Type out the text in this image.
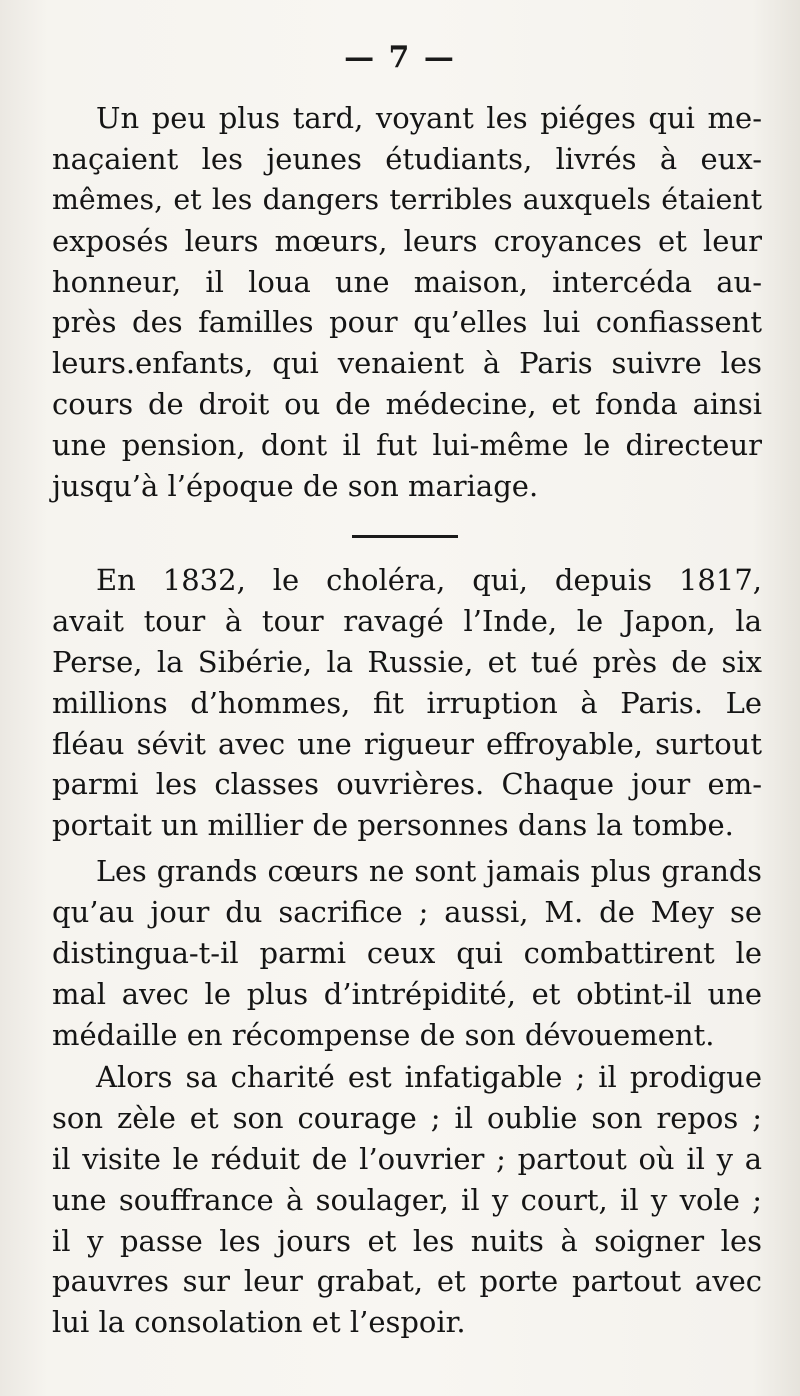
— 7 —
Un peu plus tard, voyant les piéges qui me-
naçaient les jeunes étudiants, livrés à eux-
mêmes, et les dangers terribles auxquels étaient
exposés leurs mœurs, leurs croyances et leur
honneur, il loua une maison, intercéda au-
près des familles pour qu’elles lui confiassent
leurs.enfants, qui venaient à Paris suivre les
cours de droit ou de médecine, et fonda ainsi
une pension, dont il fut lui-même le directeur
jusqu’à l’époque de son mariage.
En 1832, le choléra, qui, depuis 1817,
avait tour à tour ravagé l’Inde, le Japon, la
Perse, la Sibérie, la Russie, et tué près de six
millions d’hommes, fit irruption à Paris. Le
fléau sévit avec une rigueur effroyable, surtout
parmi les classes ouvrières. Chaque jour em-
portait un millier de personnes dans la tombe.
Les grands cœurs ne sont jamais plus grands
qu’au jour du sacrifice ; aussi, M. de Mey se
distingua-t-il parmi ceux qui combattirent le
mal avec le plus d’intrépidité, et obtint-il une
médaille en récompense de son dévouement.
Alors sa charité est infatigable ; il prodigue
son zèle et son courage ; il oublie son repos ;
il visite le réduit de l’ouvrier ; partout où il y a
une souffrance à soulager, il y court, il y vole ;
il y passe les jours et les nuits à soigner les
pauvres sur leur grabat, et porte partout avec
lui la consolation et l’espoir.
